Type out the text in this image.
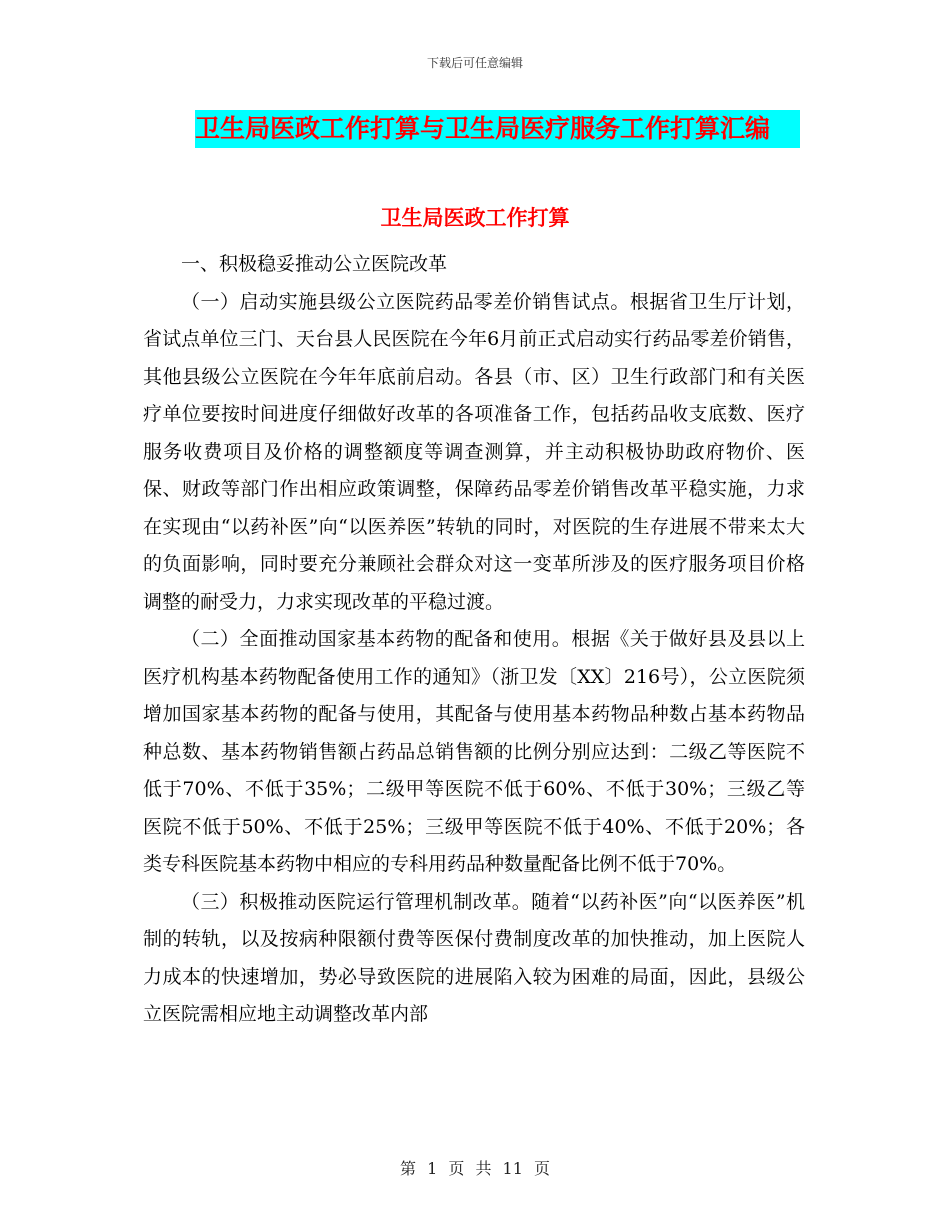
下载后可任意编辑
卫生局医政工作打算与卫生局医疗服务工作打算汇编
卫生局医政工作打算

一、积极稳妥推动公立医院改革

（一）启动实施县级公立医院药品零差价销售试点。根据省卫生厅计划，省试点单位三门、天台县人民医院在今年6月前正式启动实行药品零差价销售，其他县级公立医院在今年年底前启动。各县（市、区）卫生行政部门和有关医疗单位要按时间进度仔细做好改革的各项准备工作，包括药品收支底数、医疗服务收费项目及价格的调整额度等调查测算，并主动积极协助政府物价、医保、财政等部门作出相应政策调整，保障药品零差价销售改革平稳实施，力求在实现由“以药补医”向“以医养医”转轨的同时，对医院的生存进展不带来太大的负面影响，同时要充分兼顾社会群众对这一变革所涉及的医疗服务项目价格调整的耐受力，力求实现改革的平稳过渡。

（二）全面推动国家基本药物的配备和使用。根据《关于做好县及县以上医疗机构基本药物配备使用工作的通知》（浙卫发〔XX〕216号），公立医院须增加国家基本药物的配备与使用，其配备与使用基本药物品种数占基本药物品种总数、基本药物销售额占药品总销售额的比例分别应达到：二级乙等医院不低于70%、不低于35%；二级甲等医院不低于60%、不低于30%；三级乙等医院不低于50%、不低于25%；三级甲等医院不低于40%、不低于20%；各类专科医院基本药物中相应的专科用药品种数量配备比例不低于70%。

（三）积极推动医院运行管理机制改革。随着“以药补医”向“以医养医”机制的转轨，以及按病种限额付费等医保付费制度改革的加快推动，加上医院人力成本的快速增加，势必导致医院的进展陷入较为困难的局面，因此，县级公立医院需相应地主动调整改革内部

第 1 页 共 11 页
